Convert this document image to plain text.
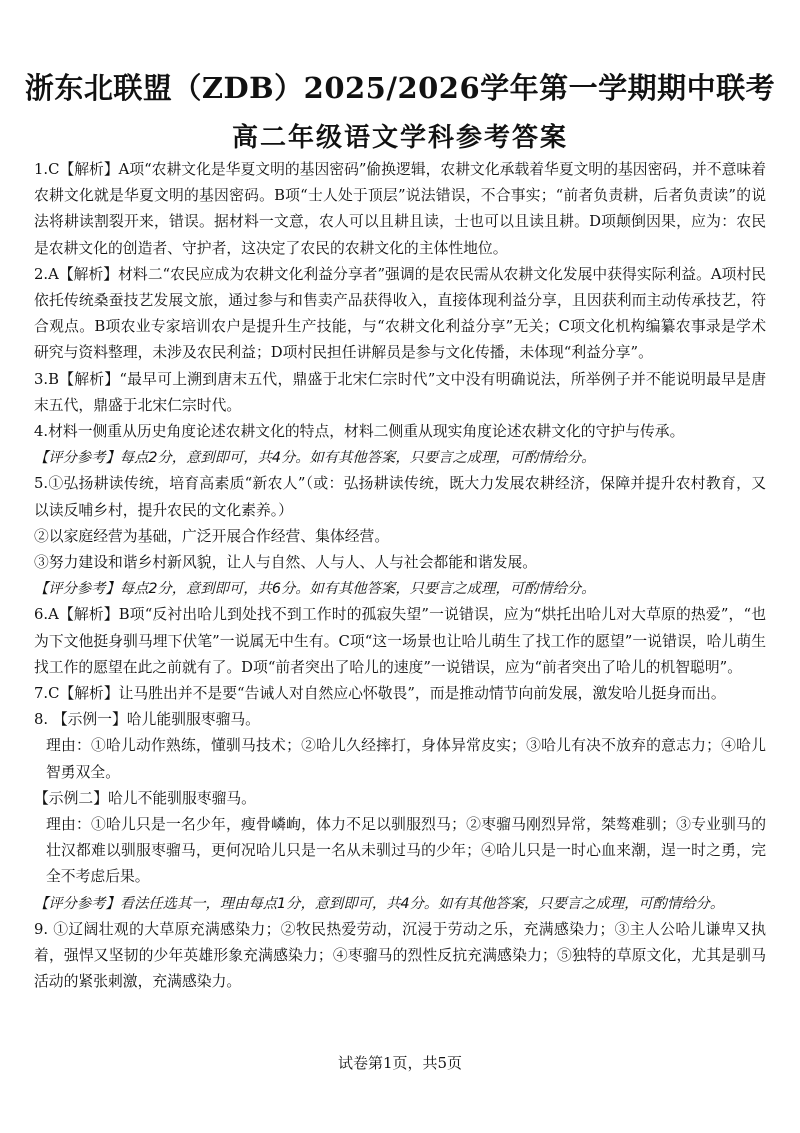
浙东北联盟（ZDB）2025/2026学年第一学期期中联考
高二年级语文学科参考答案

1.C【解析】A项“农耕文化是华夏文明的基因密码”偷换逻辑，农耕文化承载着华夏文明的基因密码，并不意味着农耕文化就是华夏文明的基因密码。B项“士人处于顶层”说法错误，不合事实；“前者负责耕，后者负责读”的说法将耕读割裂开来，错误。据材料一文意，农人可以且耕且读，士也可以且读且耕。D项颠倒因果，应为：农民是农耕文化的创造者、守护者，这决定了农民的农耕文化的主体性地位。

2.A【解析】材料二“农民应成为农耕文化利益分享者”强调的是农民需从农耕文化发展中获得实际利益。A项村民依托传统桑蚕技艺发展文旅，通过参与和售卖产品获得收入，直接体现利益分享，且因获利而主动传承技艺，符合观点。B项农业专家培训农户是提升生产技能，与“农耕文化利益分享”无关；C项文化机构编纂农事录是学术研究与资料整理，未涉及农民利益；D项村民担任讲解员是参与文化传播，未体现“利益分享”。

3.B【解析】“最早可上溯到唐末五代，鼎盛于北宋仁宗时代”文中没有明确说法，所举例子并不能说明最早是唐末五代，鼎盛于北宋仁宗时代。

4.材料一侧重从历史角度论述农耕文化的特点，材料二侧重从现实角度论述农耕文化的守护与传承。

【评分参考】每点2分，意到即可，共4分。如有其他答案，只要言之成理，可酌情给分。

5.①弘扬耕读传统，培育高素质“新农人”（或：弘扬耕读传统，既大力发展农耕经济，保障并提升农村教育，又以读反哺乡村，提升农民的文化素养。）

②以家庭经营为基础，广泛开展合作经营、集体经营。

③努力建设和谐乡村新风貌，让人与自然、人与人、人与社会都能和谐发展。

【评分参考】每点2分，意到即可，共6分。如有其他答案，只要言之成理，可酌情给分。

6.A【解析】B项“反衬出哈儿到处找不到工作时的孤寂失望”一说错误，应为“烘托出哈儿对大草原的热爱”，“也为下文他挺身驯马埋下伏笔”一说属无中生有。C项“这一场景也让哈儿萌生了找工作的愿望”一说错误，哈儿萌生找工作的愿望在此之前就有了。D项“前者突出了哈儿的速度”一说错误，应为“前者突出了哈儿的机智聪明”。

7.C【解析】让马胜出并不是要“告诫人对自然应心怀敬畏”，而是推动情节向前发展，激发哈儿挺身而出。

8. 【示例一】哈儿能驯服枣骝马。

理由：①哈儿动作熟练，懂驯马技术；②哈儿久经摔打，身体异常皮实；③哈儿有决不放弃的意志力；④哈儿智勇双全。

【示例二】哈儿不能驯服枣骝马。

理由：①哈儿只是一名少年，瘦骨嶙峋，体力不足以驯服烈马；②枣骝马刚烈异常，桀骜难驯；③专业驯马的壮汉都难以驯服枣骝马，更何况哈儿只是一名从未驯过马的少年；④哈儿只是一时心血来潮，逞一时之勇，完全不考虑后果。

【评分参考】看法任选其一，理由每点1分，意到即可，共4分。如有其他答案，只要言之成理，可酌情给分。

9. ①辽阔壮观的大草原充满感染力；②牧民热爱劳动，沉浸于劳动之乐，充满感染力；③主人公哈儿谦卑又执着，强悍又坚韧的少年英雄形象充满感染力；④枣骝马的烈性反抗充满感染力；⑤独特的草原文化，尤其是驯马活动的紧张刺激，充满感染力。

试卷第1页，共5页
